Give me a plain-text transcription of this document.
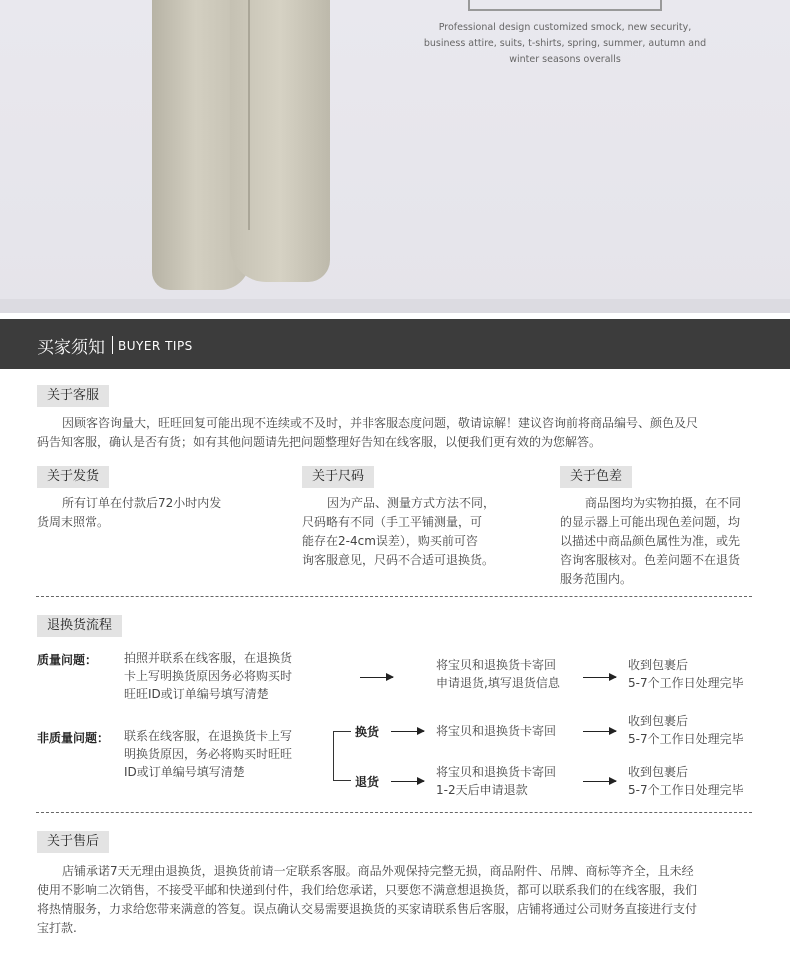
Professional design customized smock, new security,
business attire, suits, t-shirts, spring, summer, autumn and
winter seasons overalls
买家须知 BUYER TIPS
关于客服
因顾客咨询量大，旺旺回复可能出现不连续或不及时，并非客服态度问题，敬请谅解！建议咨询前将商品编号、颜色及尺
码告知客服，确认是否有货；如有其他问题请先把问题整理好告知在线客服，以便我们更有效的为您解答。
关于发货
所有订单在付款后72小时内发
货周末照常。
关于尺码
因为产品、测量方式方法不同，
尺码略有不同（手工平铺测量，可
能存在2-4cm误差），购买前可咨
询客服意见，尺码不合适可退换货。
关于色差
商品图均为实物拍摄，在不同
的显示器上可能出现色差问题，均
以描述中商品颜色属性为准，或先
咨询客服核对。色差问题不在退货
服务范围内。
退换货流程
质量问题： 拍照并联系在线客服，在退换货
卡上写明换货原因务必将购买时
旺旺ID或订单编号填写清楚
将宝贝和退换货卡寄回
申请退货,填写退货信息
收到包裹后
5-7个工作日处理完毕
非质量问题： 联系在线客服，在退换货卡上写
明换货原因，务必将购买时旺旺
ID或订单编号填写清楚
换货	将宝贝和退换货卡寄回
收到包裹后
5-7个工作日处理完毕
退货
将宝贝和退换货卡寄回
1-2天后申请退款
收到包裹后
5-7个工作日处理完毕
关于售后
店铺承诺7天无理由退换货，退换货前请一定联系客服。商品外观保持完整无损，商品附件、吊牌、商标等齐全，且未经
使用不影响二次销售，不接受平邮和快递到付件，我们给您承诺，只要您不满意想退换货，都可以联系我们的在线客服，我们
将热情服务，力求给您带来满意的答复。误点确认交易需要退换货的买家请联系售后客服，店铺将通过公司财务直接进行支付
宝打款.
